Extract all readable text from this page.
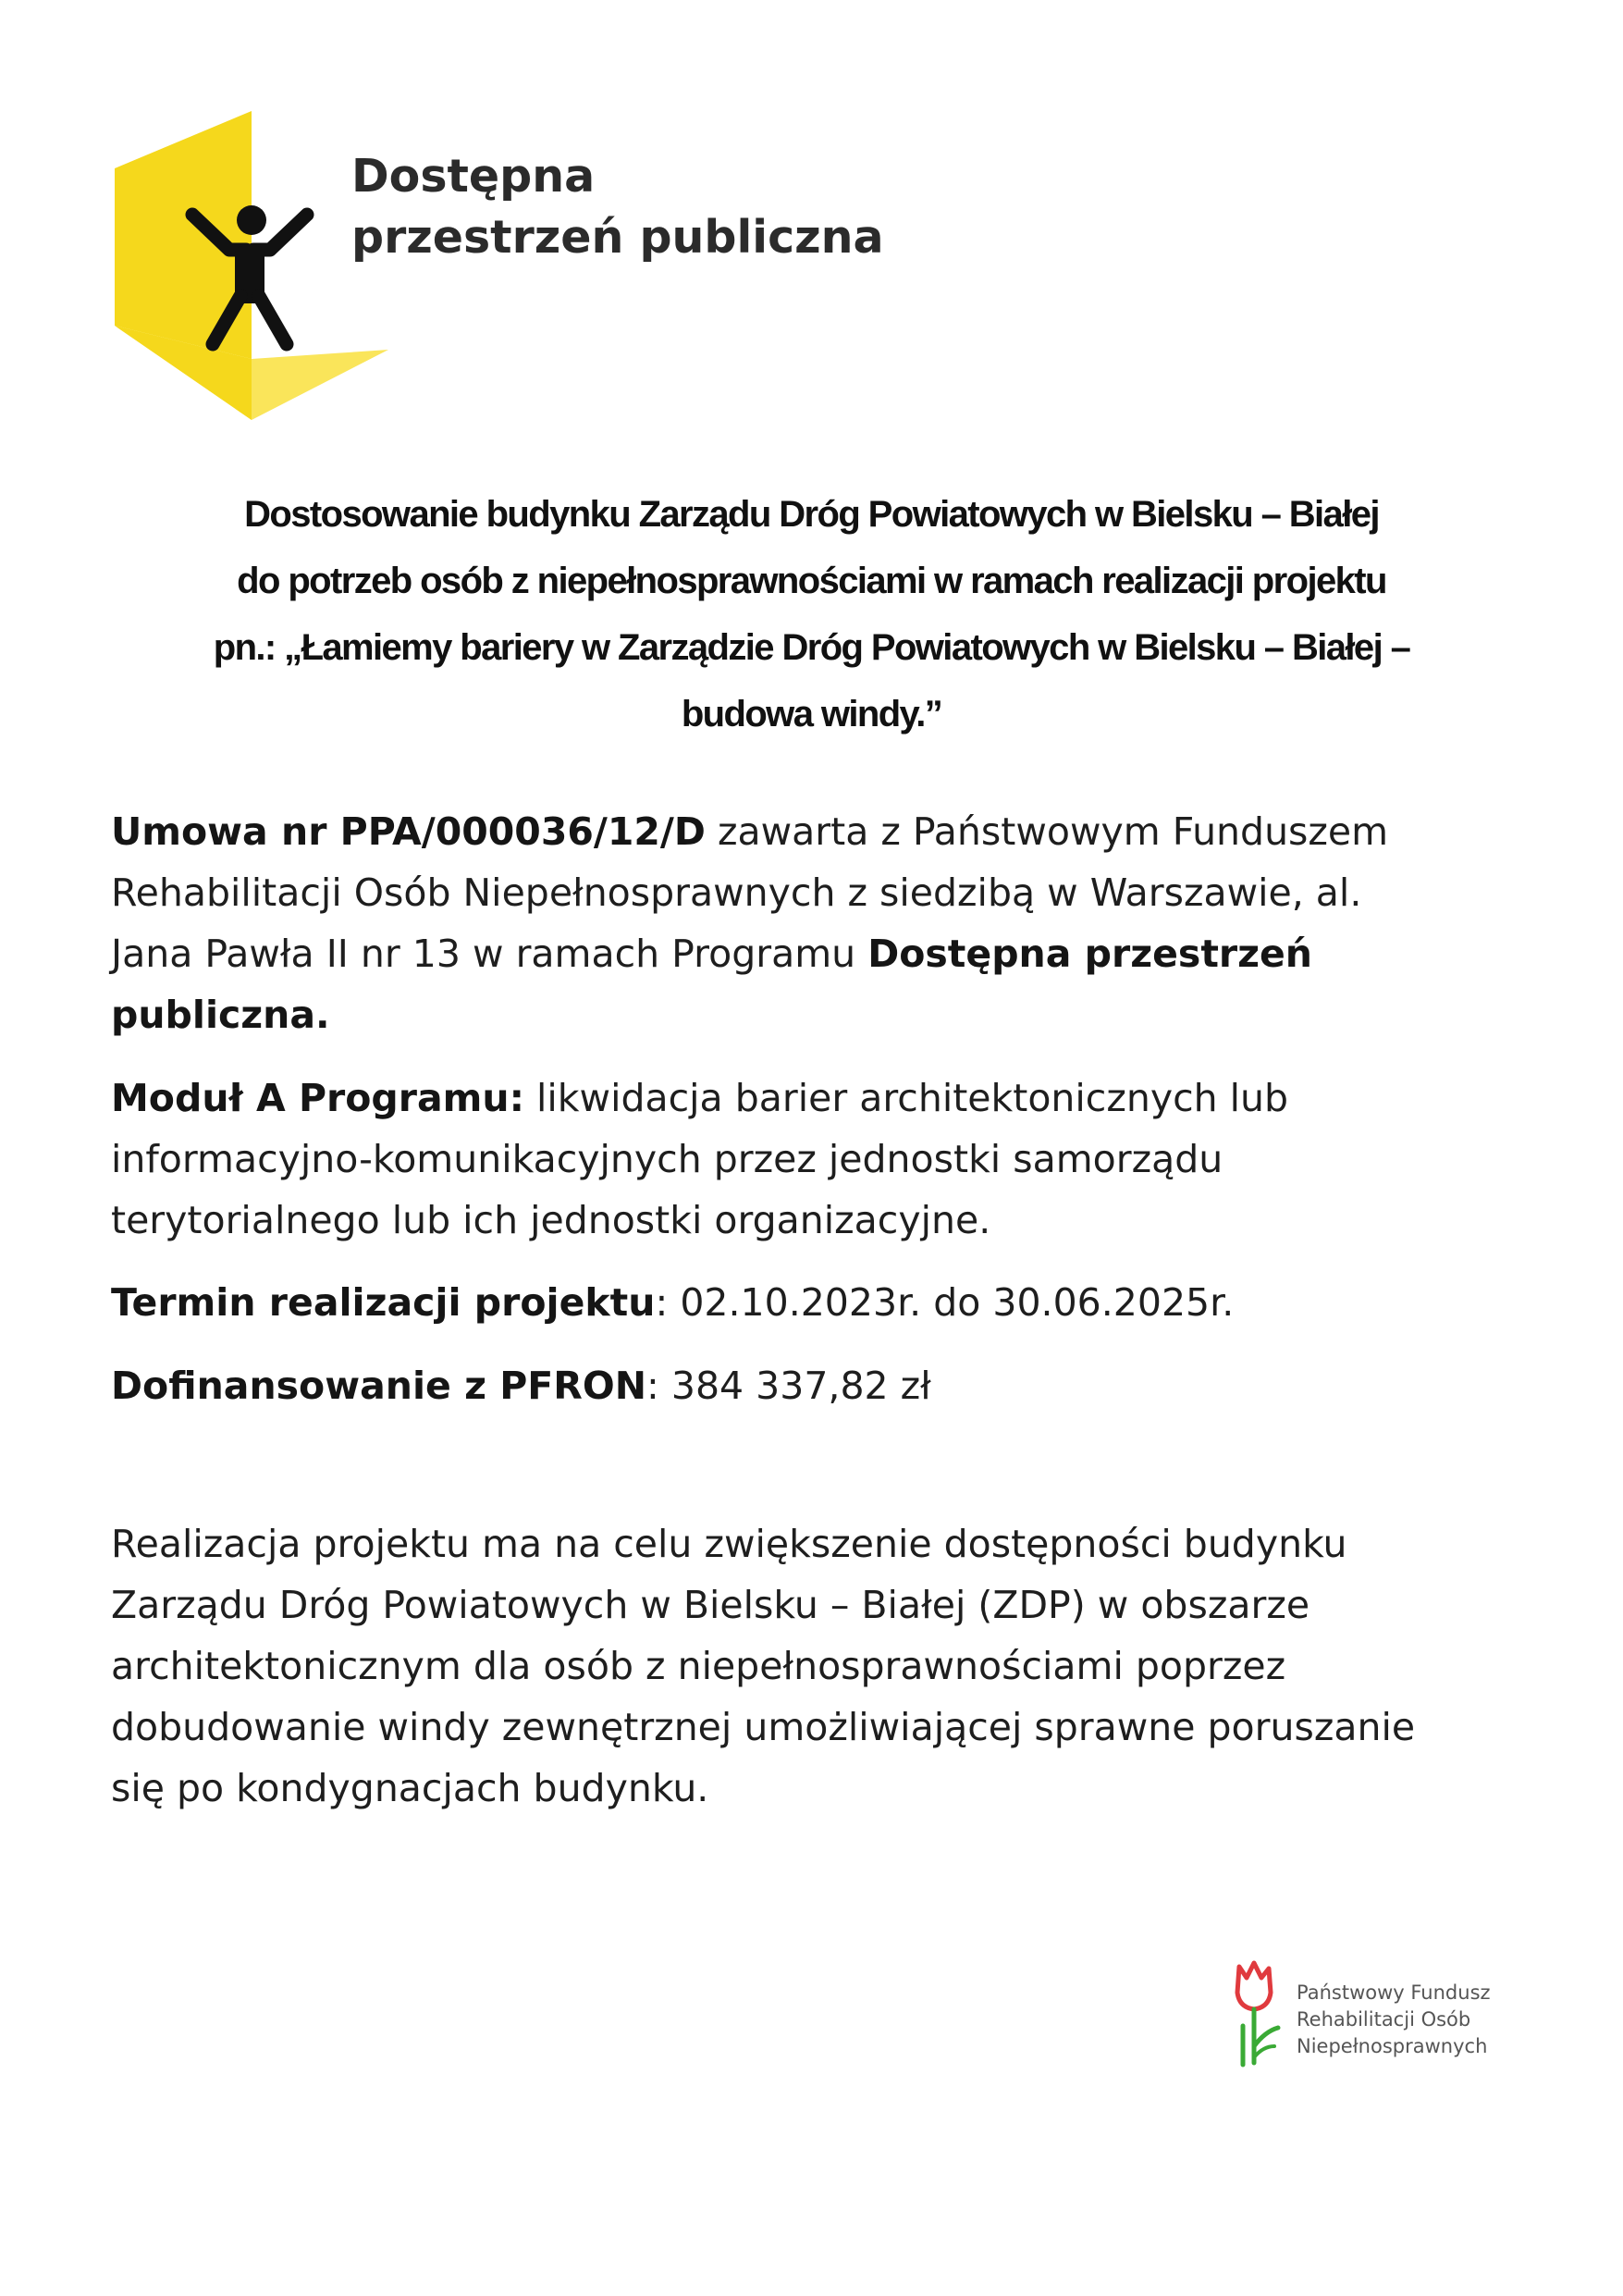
Dostępna
przestrzeń publiczna
Dostosowanie budynku Zarządu Dróg Powiatowych w Bielsku – Białej
do potrzeb osób z niepełnosprawnościami w ramach realizacji projektu
pn.: „Łamiemy bariery w Zarządzie Dróg Powiatowych w Bielsku – Białej –
budowa windy.”
Umowa nr PPA/000036/12/D zawarta z Państwowym Funduszem
Rehabilitacji Osób Niepełnosprawnych z siedzibą w Warszawie, al.
Jana Pawła II nr 13 w ramach Programu Dostępna przestrzeń
publiczna.
Moduł A Programu: likwidacja barier architektonicznych lub
informacyjno-komunikacyjnych przez jednostki samorządu
terytorialnego lub ich jednostki organizacyjne.
Termin realizacji projektu: 02.10.2023r. do 30.06.2025r.
Dofinansowanie z PFRON: 384 337,82 zł
Realizacja projektu ma na celu zwiększenie dostępności budynku
Zarządu Dróg Powiatowych w Bielsku – Białej (ZDP) w obszarze
architektonicznym dla osób z niepełnosprawnościami poprzez
dobudowanie windy zewnętrznej umożliwiającej sprawne poruszanie
się po kondygnacjach budynku.
Państwowy Fundusz
Rehabilitacji Osób
Niepełnosprawnych
